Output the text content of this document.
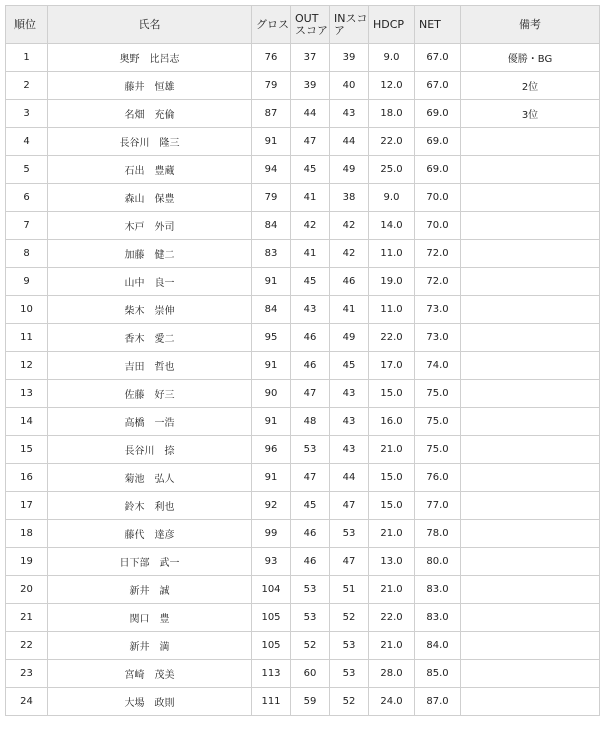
順位	氏名	グロス	OUTスコア	INスコア	HDCP	NET	備考
1	奥野　比呂志	76	37	39	9.0	67.0	優勝・BG
2	藤井　恒雄	79	39	40	12.0	67.0	2位
3	名畑　充倫	87	44	43	18.0	69.0	3位
4	長谷川　隆三	91	47	44	22.0	69.0	
5	石出　豊蔵	94	45	49	25.0	69.0	
6	森山　保豊	79	41	38	9.0	70.0	
7	木戸　外司	84	42	42	14.0	70.0	
8	加藤　健二	83	41	42	11.0	72.0	
9	山中　良一	91	45	46	19.0	72.0	
10	柴木　崇伸	84	43	41	11.0	73.0	
11	香木　愛二	95	46	49	22.0	73.0	
12	吉田　哲也	91	46	45	17.0	74.0	
13	佐藤　好三	90	47	43	15.0	75.0	
14	高橋　一浩	91	48	43	16.0	75.0	
15	長谷川　捺	96	53	43	21.0	75.0	
16	菊池　弘人	91	47	44	15.0	76.0	
17	鈴木　利也	92	45	47	15.0	77.0	
18	藤代　達彦	99	46	53	21.0	78.0	
19	日下部　武一	93	46	47	13.0	80.0	
20	新井　誠	104	53	51	21.0	83.0	
21	関口　豊	105	53	52	22.0	83.0	
22	新井　満	105	52	53	21.0	84.0	
23	宮崎　茂美	113	60	53	28.0	85.0	
24	大場　政則	111	59	52	24.0	87.0	
